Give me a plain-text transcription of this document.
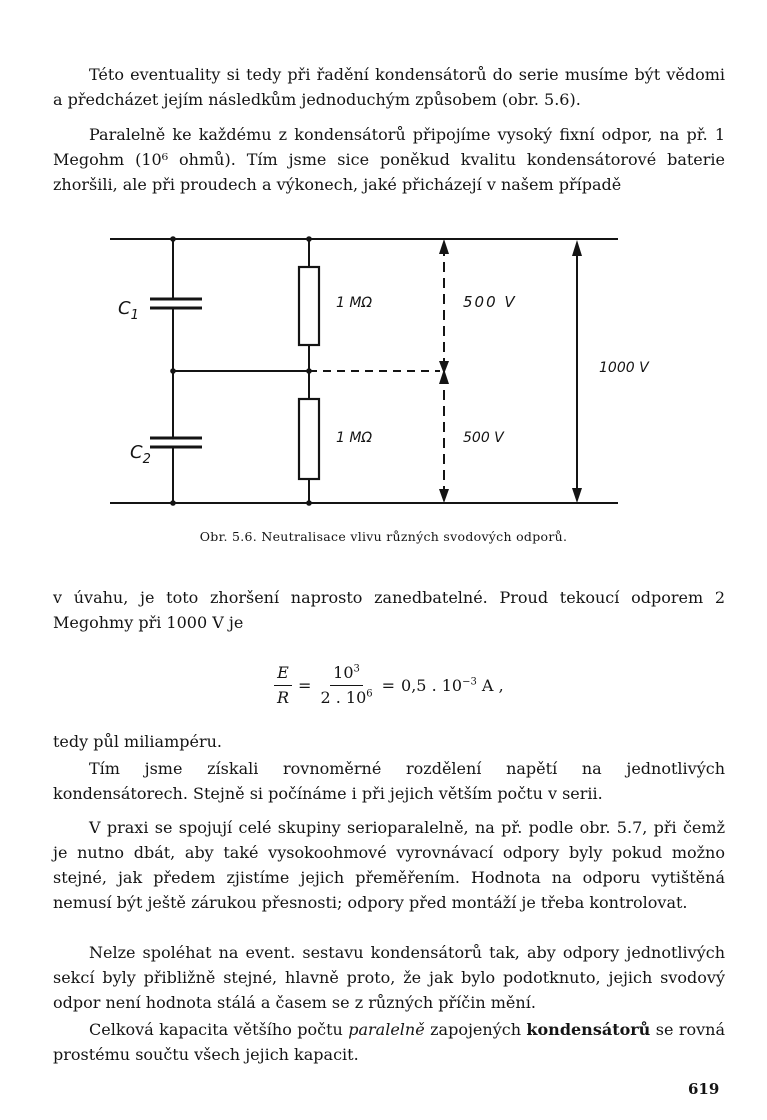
Této eventuality si tedy při řadění kondensátorů do serie musíme být vědomi a předcházet jejím následkům jednoduchým způsobem (obr. 5.6).

Paralelně ke každému z kondensátorů připojíme vysoký fixní odpor, na př. 1 Megohm (10⁶ ohmů). Tím jsme sice poněkud kvalitu kondensátorové baterie zhoršili, ale při proudech a výkonech, jaké přicházejí v našem případě

$C_1$
$C_2$
1 MΩ
1 MΩ
500 V
500 V
1000 V
Obr. 5.6. Neutralisace vlivu různých svodových odporů.

v úvahu, je toto zhoršení naprosto zanedbatelné. Proud tekoucí odporem 2 Megohmy při 1000 V je

$\frac{E}{R} = \frac{10^3}{2 . 10^6} = 0,5$ . $10^{-3}$ A ,

tedy půl miliampéru.

Tím jsme získali rovnoměrné rozdělení napětí na jednotlivých kondensátorech. Stejně si počínáme i při jejich větším počtu v serii.

V praxi se spojují celé skupiny serioparalelně, na př. podle obr. 5.7, při čemž je nutno dbát, aby také vysokoohmové vyrovnávací odpory byly pokud možno stejné, jak předem zjistíme jejich přeměřením. Hodnota na odporu vytištěná nemusí být ještě zárukou přesnosti; odpory před montáží je třeba kontrolovat.

Nelze spoléhat na event. sestavu kondensátorů tak, aby odpory jednotlivých sekcí byly přibližně stejné, hlavně proto, že jak bylo podotknuto, jejich svodový odpor není hodnota stálá a časem se z různých příčin mění.

Celková kapacita většího počtu paralelně zapojených kondensátorů se rovná prostému součtu všech jejich kapacit.

619
